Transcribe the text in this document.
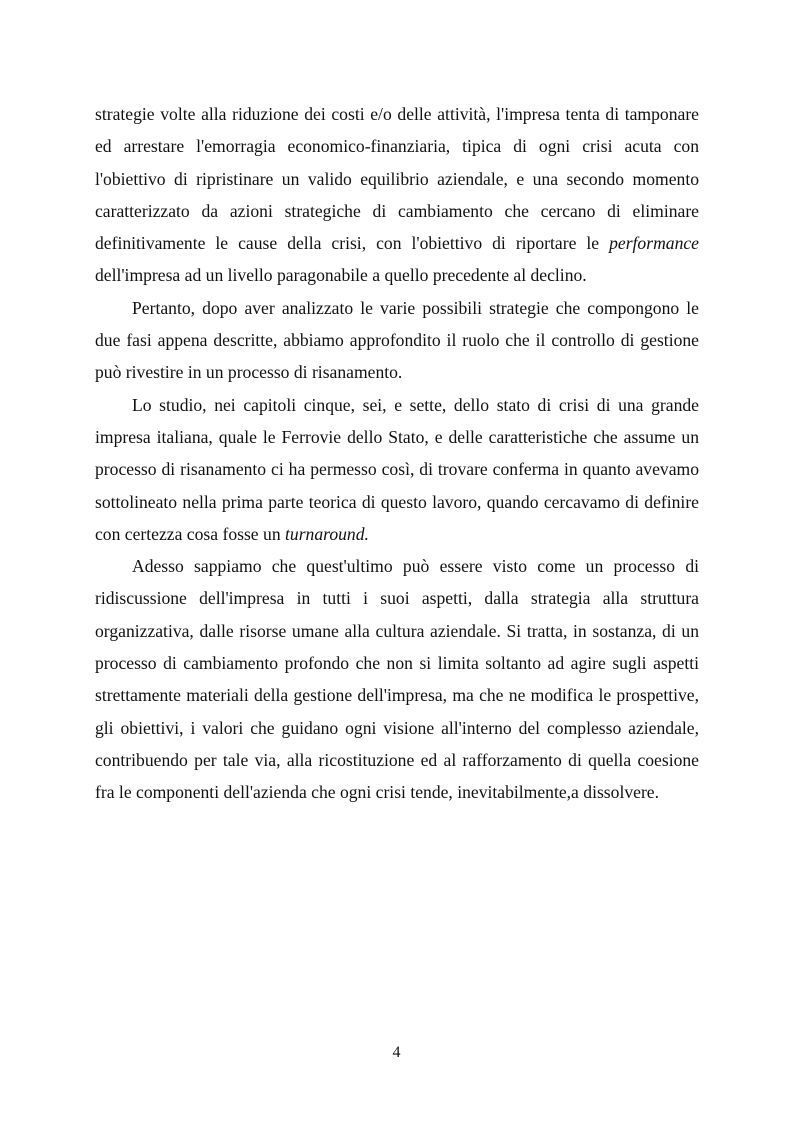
strategie volte alla riduzione dei costi e/o delle attività, l'impresa tenta di tamponare ed arrestare l'emorragia economico-finanziaria, tipica di ogni crisi acuta con l'obiettivo di ripristinare un valido equilibrio aziendale, e una secondo momento caratterizzato da azioni strategiche di cambiamento che cercano di eliminare definitivamente le cause della crisi, con l'obiettivo di riportare le performance dell'impresa ad un livello paragonabile a quello precedente al declino.

Pertanto, dopo aver analizzato le varie possibili strategie che compongono le due fasi appena descritte, abbiamo approfondito il ruolo che il controllo di gestione può rivestire in un processo di risanamento.

Lo studio, nei capitoli cinque, sei, e sette, dello stato di crisi di una grande impresa italiana, quale le Ferrovie dello Stato, e delle caratteristiche che assume un processo di risanamento ci ha permesso così, di trovare conferma in quanto avevamo sottolineato nella prima parte teorica di questo lavoro, quando cercavamo di definire con certezza cosa fosse un turnaround.

Adesso sappiamo che quest'ultimo può essere visto come un processo di ridiscussione dell'impresa in tutti i suoi aspetti, dalla strategia alla struttura organizzativa, dalle risorse umane alla cultura aziendale. Si tratta, in sostanza, di un processo di cambiamento profondo che non si limita soltanto ad agire sugli aspetti strettamente materiali della gestione dell'impresa, ma che ne modifica le prospettive, gli obiettivi, i valori che guidano ogni visione all'interno del complesso aziendale, contribuendo per tale via, alla ricostituzione ed al rafforzamento di quella coesione fra le componenti dell'azienda che ogni crisi tende, inevitabilmente,a dissolvere.

4
